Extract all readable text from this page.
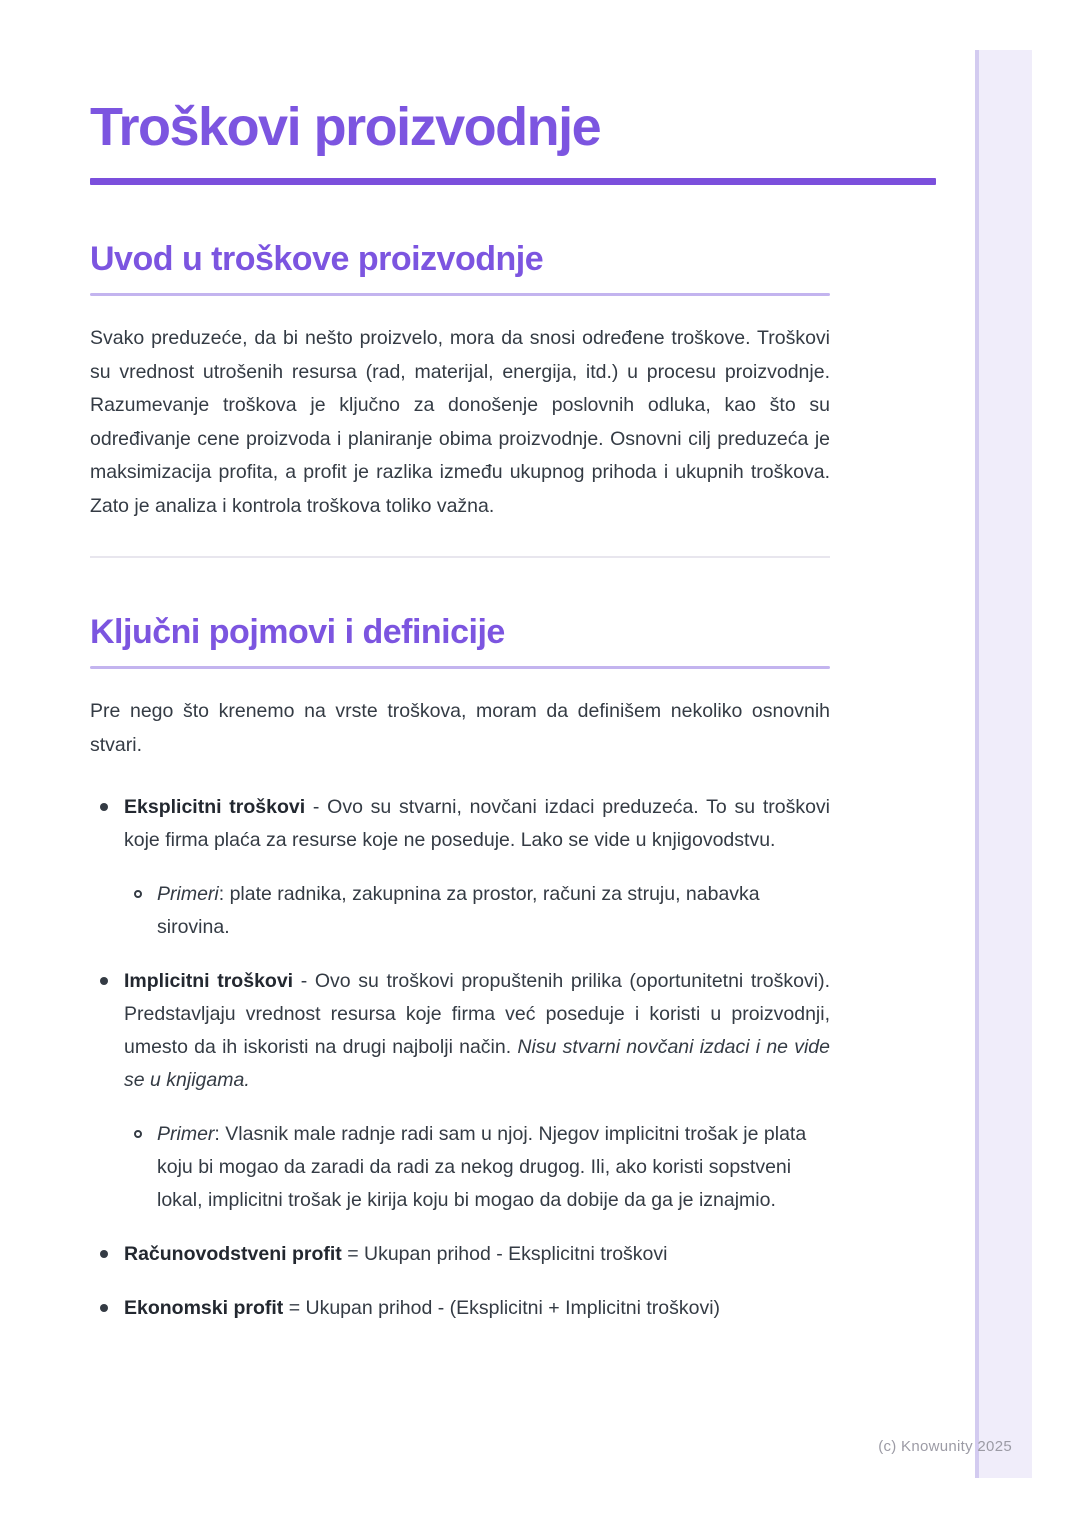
Troškovi proizvodnje
Uvod u troškove proizvodnje

Svako preduzeće, da bi nešto proizvelo, mora da snosi određene troškove. Troškovi su vrednost utrošenih resursa (rad, materijal, energija, itd.) u procesu proizvodnje. Razumevanje troškova je ključno za donošenje poslovnih odluka, kao što su određivanje cene proizvoda i planiranje obima proizvodnje. Osnovni cilj preduzeća je maksimizacija profita, a profit je razlika između ukupnog prihoda i ukupnih troškova. Zato je analiza i kontrola troškova toliko važna.

Ključni pojmovi i definicije

Pre nego što krenemo na vrste troškova, moram da definišem nekoliko osnovnih stvari.

Eksplicitni troškovi - Ovo su stvarni, novčani izdaci preduzeća. To su troškovi koje firma plaća za resurse koje ne poseduje. Lako se vide u knjigovodstvu.
Primeri: plate radnika, zakupnina za prostor, računi za struju, nabavka sirovina.
Implicitni troškovi - Ovo su troškovi propuštenih prilika (oportunitetni troškovi). Predstavljaju vrednost resursa koje firma već poseduje i koristi u proizvodnji, umesto da ih iskoristi na drugi najbolji način. Nisu stvarni novčani izdaci i ne vide se u knjigama.
Primer: Vlasnik male radnje radi sam u njoj. Njegov implicitni trošak je plata koju bi mogao da zaradi da radi za nekog drugog. Ili, ako koristi sopstveni lokal, implicitni trošak je kirija koju bi mogao da dobije da ga je iznajmio.
Računovodstveni profit = Ukupan prihod - Eksplicitni troškovi
Ekonomski profit = Ukupan prihod - (Eksplicitni + Implicitni troškovi)
(c) Knowunity 2025
